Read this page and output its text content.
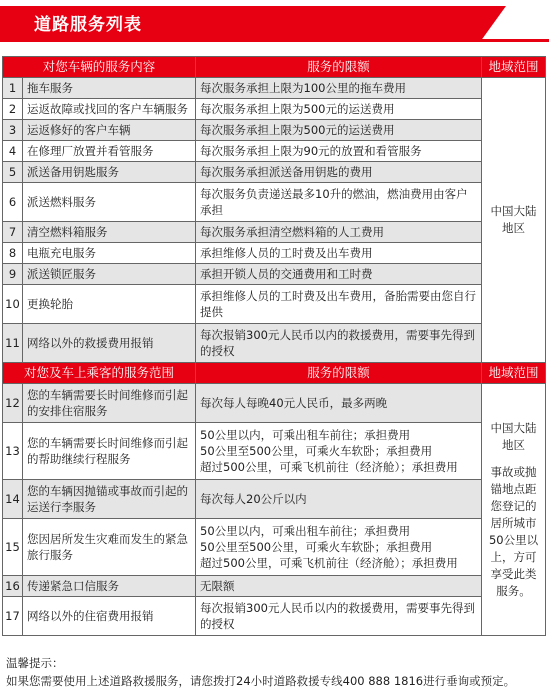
道路服务列表
对您车辆的服务内容		服务的限额	地域范围
1	拖车服务	每次服务承担上限为100公里的拖车费用	中国大陆地区
2	运返故障或找回的客户车辆服务	每次服务承担上限为500元的运送费用	
3	运返修好的客户车辆	每次服务承担上限为500元的运送费用	
4	在修理厂放置并看管服务	每次服务承担上限为90元的放置和看管服务	
5	派送备用钥匙服务	每次服务承担派送备用钥匙的费用	
6	派送燃料服务	每次服务负责递送最多10升的燃油，燃油费用由客户承担	
7	清空燃料箱服务	每次服务承担清空燃料箱的人工费用	
8	电瓶充电服务	承担维修人员的工时费及出车费用	
9	派送锁匠服务	承担开锁人员的交通费用和工时费	
10	更换轮胎	承担维修人员的工时费及出车费用，备胎需要由您自行提供	
11	网络以外的救援费用报销	每次报销300元人民币以内的救援费用，需要事先得到的授权	
对您及车上乘客的服务范围		服务的限额	地域范围
12	您的车辆需要长时间维修而引起的安排住宿服务	每次每人每晚40元人民币，最多两晚	中国大陆地区
事故或抛锚地点距您登记的居所城市50公里以上，方可享受此类服务。

13	您的车辆需要长时间维修而引起的帮助继续行程服务	50公里以内，可乘出租车前往；承担费用
50公里至500公里，可乘火车软卧；承担费用
超过500公里，可乘飞机前往（经济舱）；承担费用	
14	您的车辆因抛锚或事故而引起的运送行李服务	每次每人20公斤以内	
15	您因居所发生灾难而发生的紧急旅行服务	50公里以内，可乘出租车前往；承担费用
50公里至500公里，可乘火车软卧；承担费用
超过500公里，可乘飞机前往（经济舱）；承担费用	
16	传递紧急口信服务	无限额	
17	网络以外的住宿费用报销	每次报销300元人民币以内的救援费用，需要事先得到的授权	
温馨提示：
如果您需要使用上述道路救援服务，请您拨打24小时道路救援专线400 888 1816进行垂询或预定。
